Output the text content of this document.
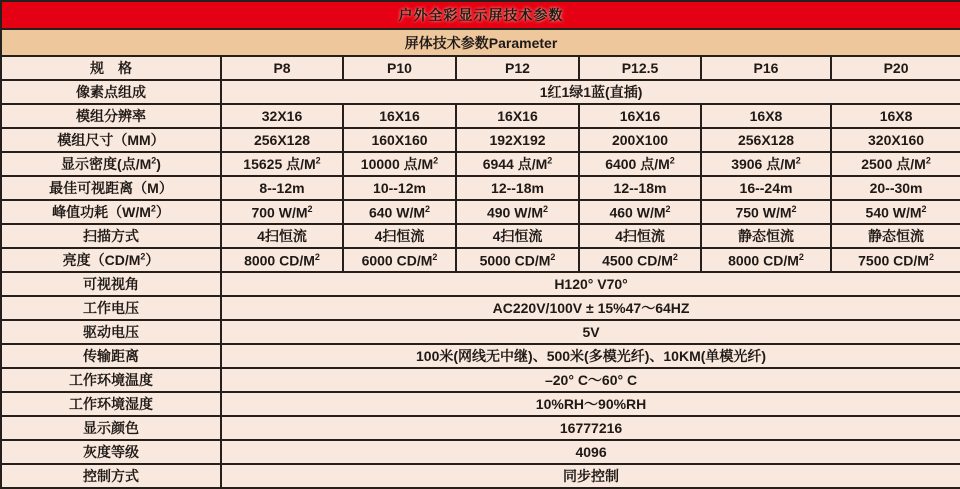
户外全彩显示屏技术参数						
屏体技术参数Parameter						
规　格	P8	P10	P12	P12.5	P16	P20
像素点组成	1红1绿1蓝(直插)					
模组分辨率	32X16	16X16	16X16	16X16	16X8	16X8
模组尺寸（MM）	256X128	160X160	192X192	200X100	256X128	320X160
显示密度(点$/M^2$)	15625 点$/M^2$	10000 点$/M^2$	6944 点$/M^2$	6400 点$/M^2$	3906 点$/M^2$	2500 点$/M^2$
最佳可视距离（M）	8--12m	10--12m	12--18m	12--18m	16--24m	20--30m
峰值功耗$(W/M^2)$	700 $W/M^2$	640 $W/M^2$	490 $W/M^2$	460 $W/M^2$	750 $W/M^2$	540 $W/M^2$
扫描方式	4扫恒流	4扫恒流	4扫恒流	4扫恒流	静态恒流	静态恒流
亮度$(CD/M^2)$	8000 $CD/M^2$	6000 $CD/M^2$	5000 $CD/M^2$	4500 $CD/M^2$	8000 $CD/M^2$	7500 $CD/M^2$
可视视角	H120° V70°					
工作电压	AC220V/100V ± 15%47～64HZ					
驱动电压	5V					
传输距离	100米(网线无中继)、500米(多模光纤)、10KM(单模光纤)					
工作环境温度	–20° C～60° C					
工作环境湿度	10%RH～90%RH					
显示颜色	16777216					
灰度等级	4096					
控制方式	同步控制					
